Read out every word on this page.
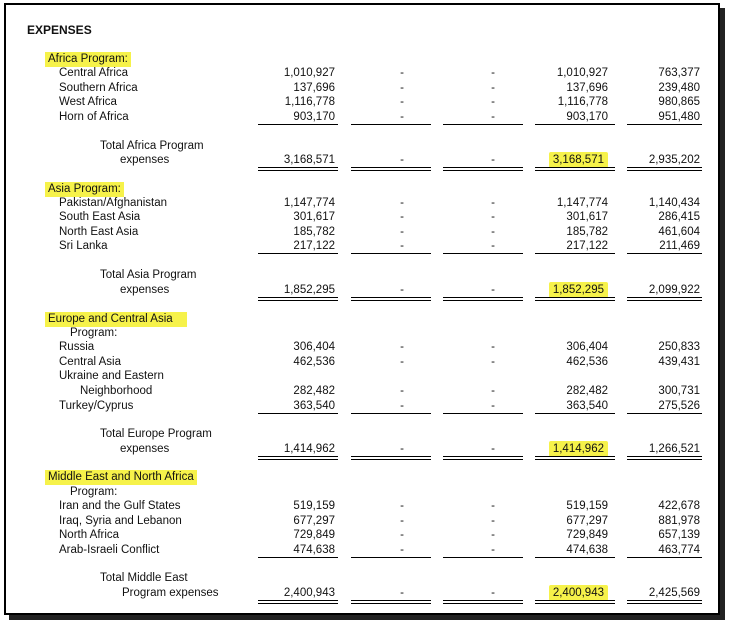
EXPENSES
Africa Program:
Central Africa	1,010,927	-	-	1,010,927	763,377
Southern Africa	137,696	-	-	137,696	239,480
West Africa	1,116,778	-	-	1,116,778	980,865
Horn of Africa	903,170	-	-	903,170	951,480
Total Africa Program
expenses	3,168,571	-	-	3,168,571	2,935,202
Asia Program:
Pakistan/Afghanistan	1,147,774	-	-	1,147,774	1,140,434
South East Asia	301,617	-	-	301,617	286,415
North East Asia	185,782	-	-	185,782	461,604
Sri Lanka	217,122	-	-	217,122	211,469
Total Asia Program
expenses	1,852,295	-	-	1,852,295	2,099,922
Europe and Central Asia
Program:
Russia	306,404	-	-	306,404	250,833
Central Asia	462,536	-	-	462,536	439,431
Ukraine and Eastern
Neighborhood	282,482	-	-	282,482	300,731
Turkey/Cyprus	363,540	-	-	363,540	275,526
Total Europe Program
expenses	1,414,962	-	-	1,414,962	1,266,521
Middle East and North Africa
Program:
Iran and the Gulf States	519,159	-	-	519,159	422,678
Iraq, Syria and Lebanon	677,297	-	-	677,297	881,978
North Africa	729,849	-	-	729,849	657,139
Arab-Israeli Conflict	474,638	-	-	474,638	463,774
Total Middle East
Program expenses	2,400,943	-	-	2,400,943	2,425,569
